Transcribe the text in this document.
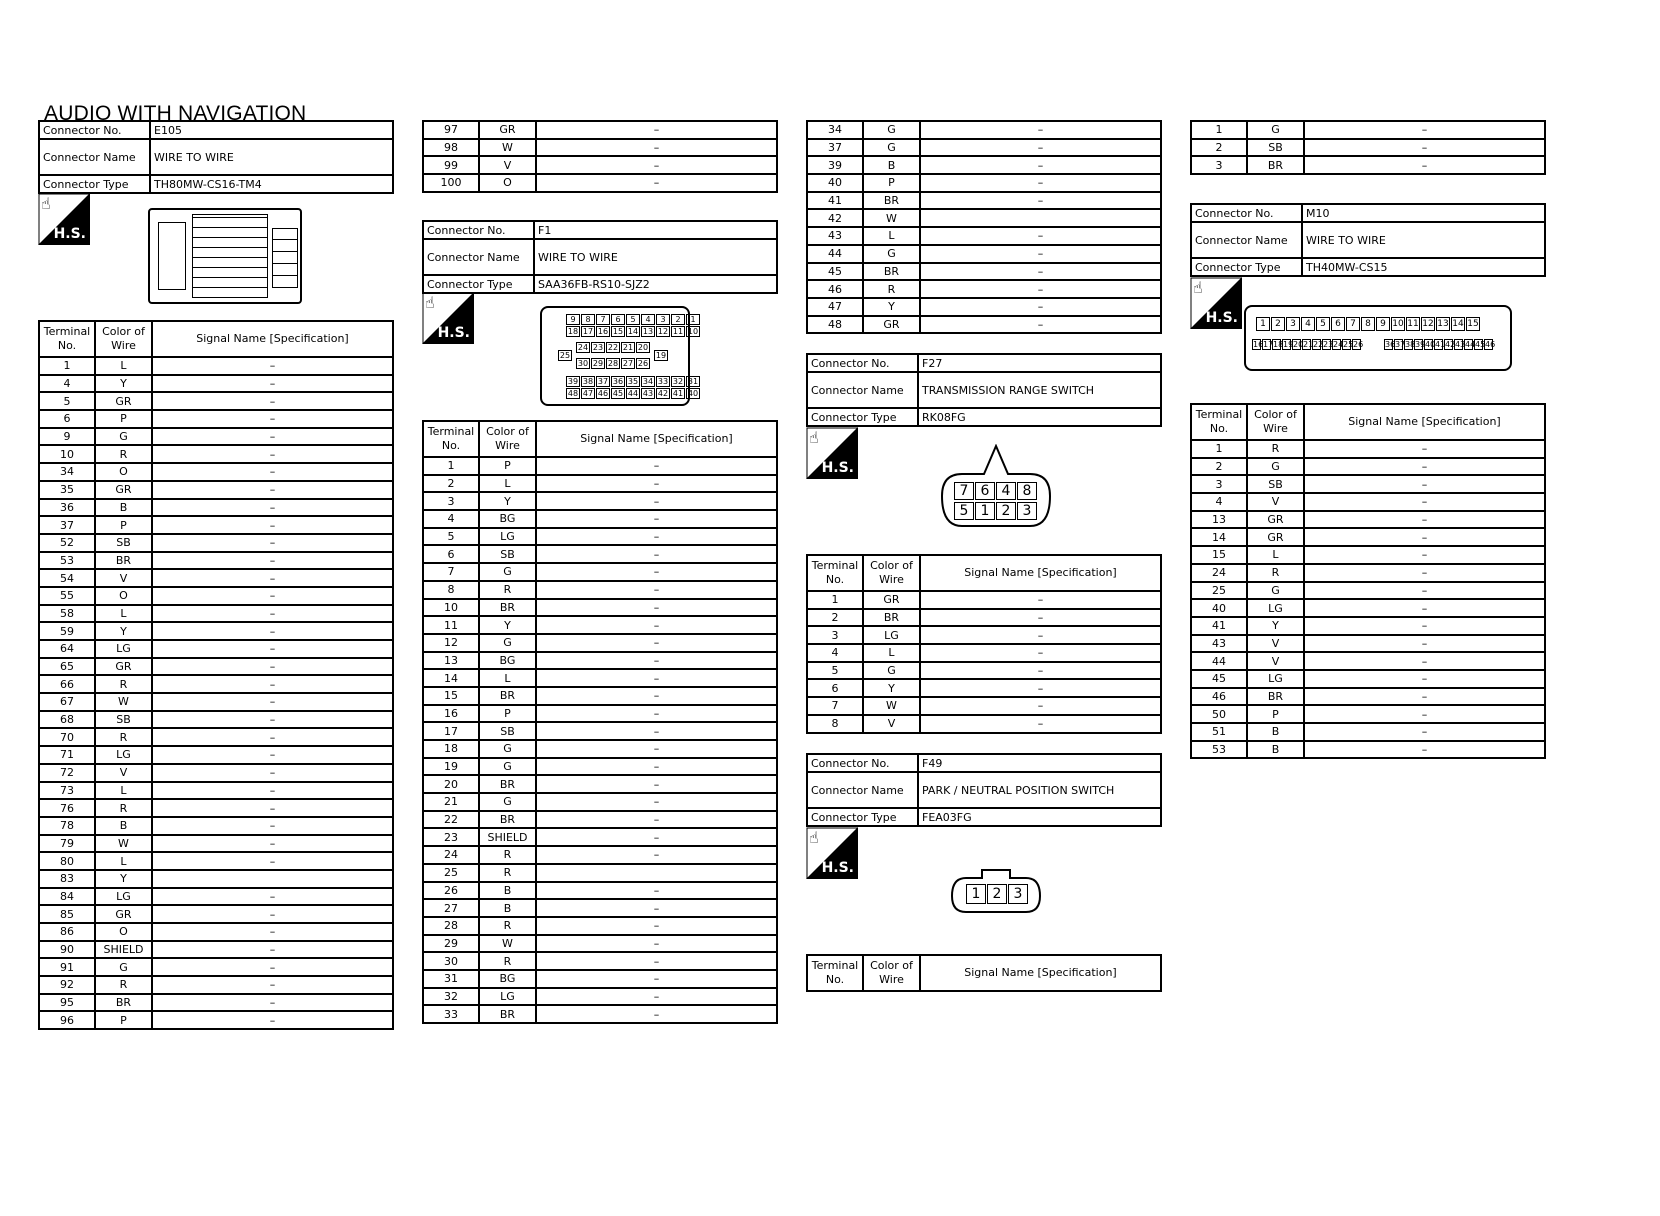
AUDIO WITH NAVIGATION
Connector No.	E105
Connector Name	WIRE TO WIRE
Connector Type	TH80MW-CS16-TM4
☝
H.S.
Terminal No.	Color of Wire	Signal Name [Specification]
1	L	–
4	Y	–
5	GR	–
6	P	–
9	G	–
10	R	–
34	O	–
35	GR	–
36	B	–
37	P	–
52	SB	–
53	BR	–
54	V	–
55	O	–
58	L	–
59	Y	–
64	LG	–
65	GR	–
66	R	–
67	W	–
68	SB	–
70	R	–
71	LG	–
72	V	–
73	L	–
76	R	–
78	B	–
79	W	–
80	L	–
83	Y	
84	LG	–
85	GR	–
86	O	–
90	SHIELD	–
91	G	–
92	R	–
95	BR	–
96	P	–
97	GR	–
98	W	–
99	V	–
100	O	–
Connector No.	F1
Connector Name	WIRE TO WIRE
Connector Type	SAA36FB-RS10-SJZ2
☝
H.S.
9	8	7	6	5	4	3	2	1
18 17 16 15 14 13 12 11 10
24 23 22 21 20
30 29 28 27 26
25	19
39 38 37 36 35 34 33 32 31
48 47 46 45 44 43 42 41 40
Terminal No.	Color of Wire	Signal Name [Specification]
1	P	–
2	L	–
3	Y	–
4	BG	–
5	LG	–
6	SB	–
7	G	–
8	R	–
10	BR	–
11	Y	–
12	G	–
13	BG	–
14	L	–
15	BR	–
16	P	–
17	SB	–
18	G	–
19	G	–
20	BR	–
21	G	–
22	BR	–
23	SHIELD	–
24	R	–
25	R	
26	B	–
27	B	–
28	R	–
29	W	–
30	R	–
31	BG	–
32	LG	–
33	BR	–
34	G	–
37	G	–
39	B	–
40	P	–
41	BR	–
42	W	
43	L	–
44	G	–
45	BR	–
46	R	–
47	Y	–
48	GR	–
Connector No.	F27
Connector Name	TRANSMISSION RANGE SWITCH
Connector Type	RK08FG
☝
H.S.
7 6 4 8
5 1 2 3
Terminal No.	Color of Wire	Signal Name [Specification]
1	GR	–
2	BR	–
3	LG	–
4	L	–
5	G	–
6	Y	–
7	W	–
8	V	–
Connector No.	F49
Connector Name	PARK / NEUTRAL POSITION SWITCH
Connector Type	FEA03FG
☝
H.S.
1 2 3
Terminal No.	Color of Wire	Signal Name [Specification]
1	G	–
2	SB	–
3	BR	–
Connector No.	M10
Connector Name	WIRE TO WIRE
Connector Type	TH40MW-CS15
☝
H.S.	1	2	3	4	5	6	7	8	9 10 11 12 13 14 15
16 17 18 19 20 21 22 23 24 25 26	36 37 38 39 40 41 42 43 44 45 46
Terminal No.	Color of Wire	Signal Name [Specification]
1	R	–
2	G	–
3	SB	–
4	V	–
13	GR	–
14	GR	–
15	L	–
24	R	–
25	G	–
40	LG	–
41	Y	–
43	V	–
44	V	–
45	LG	–
46	BR	–
50	P	–
51	B	–
53	B	–
